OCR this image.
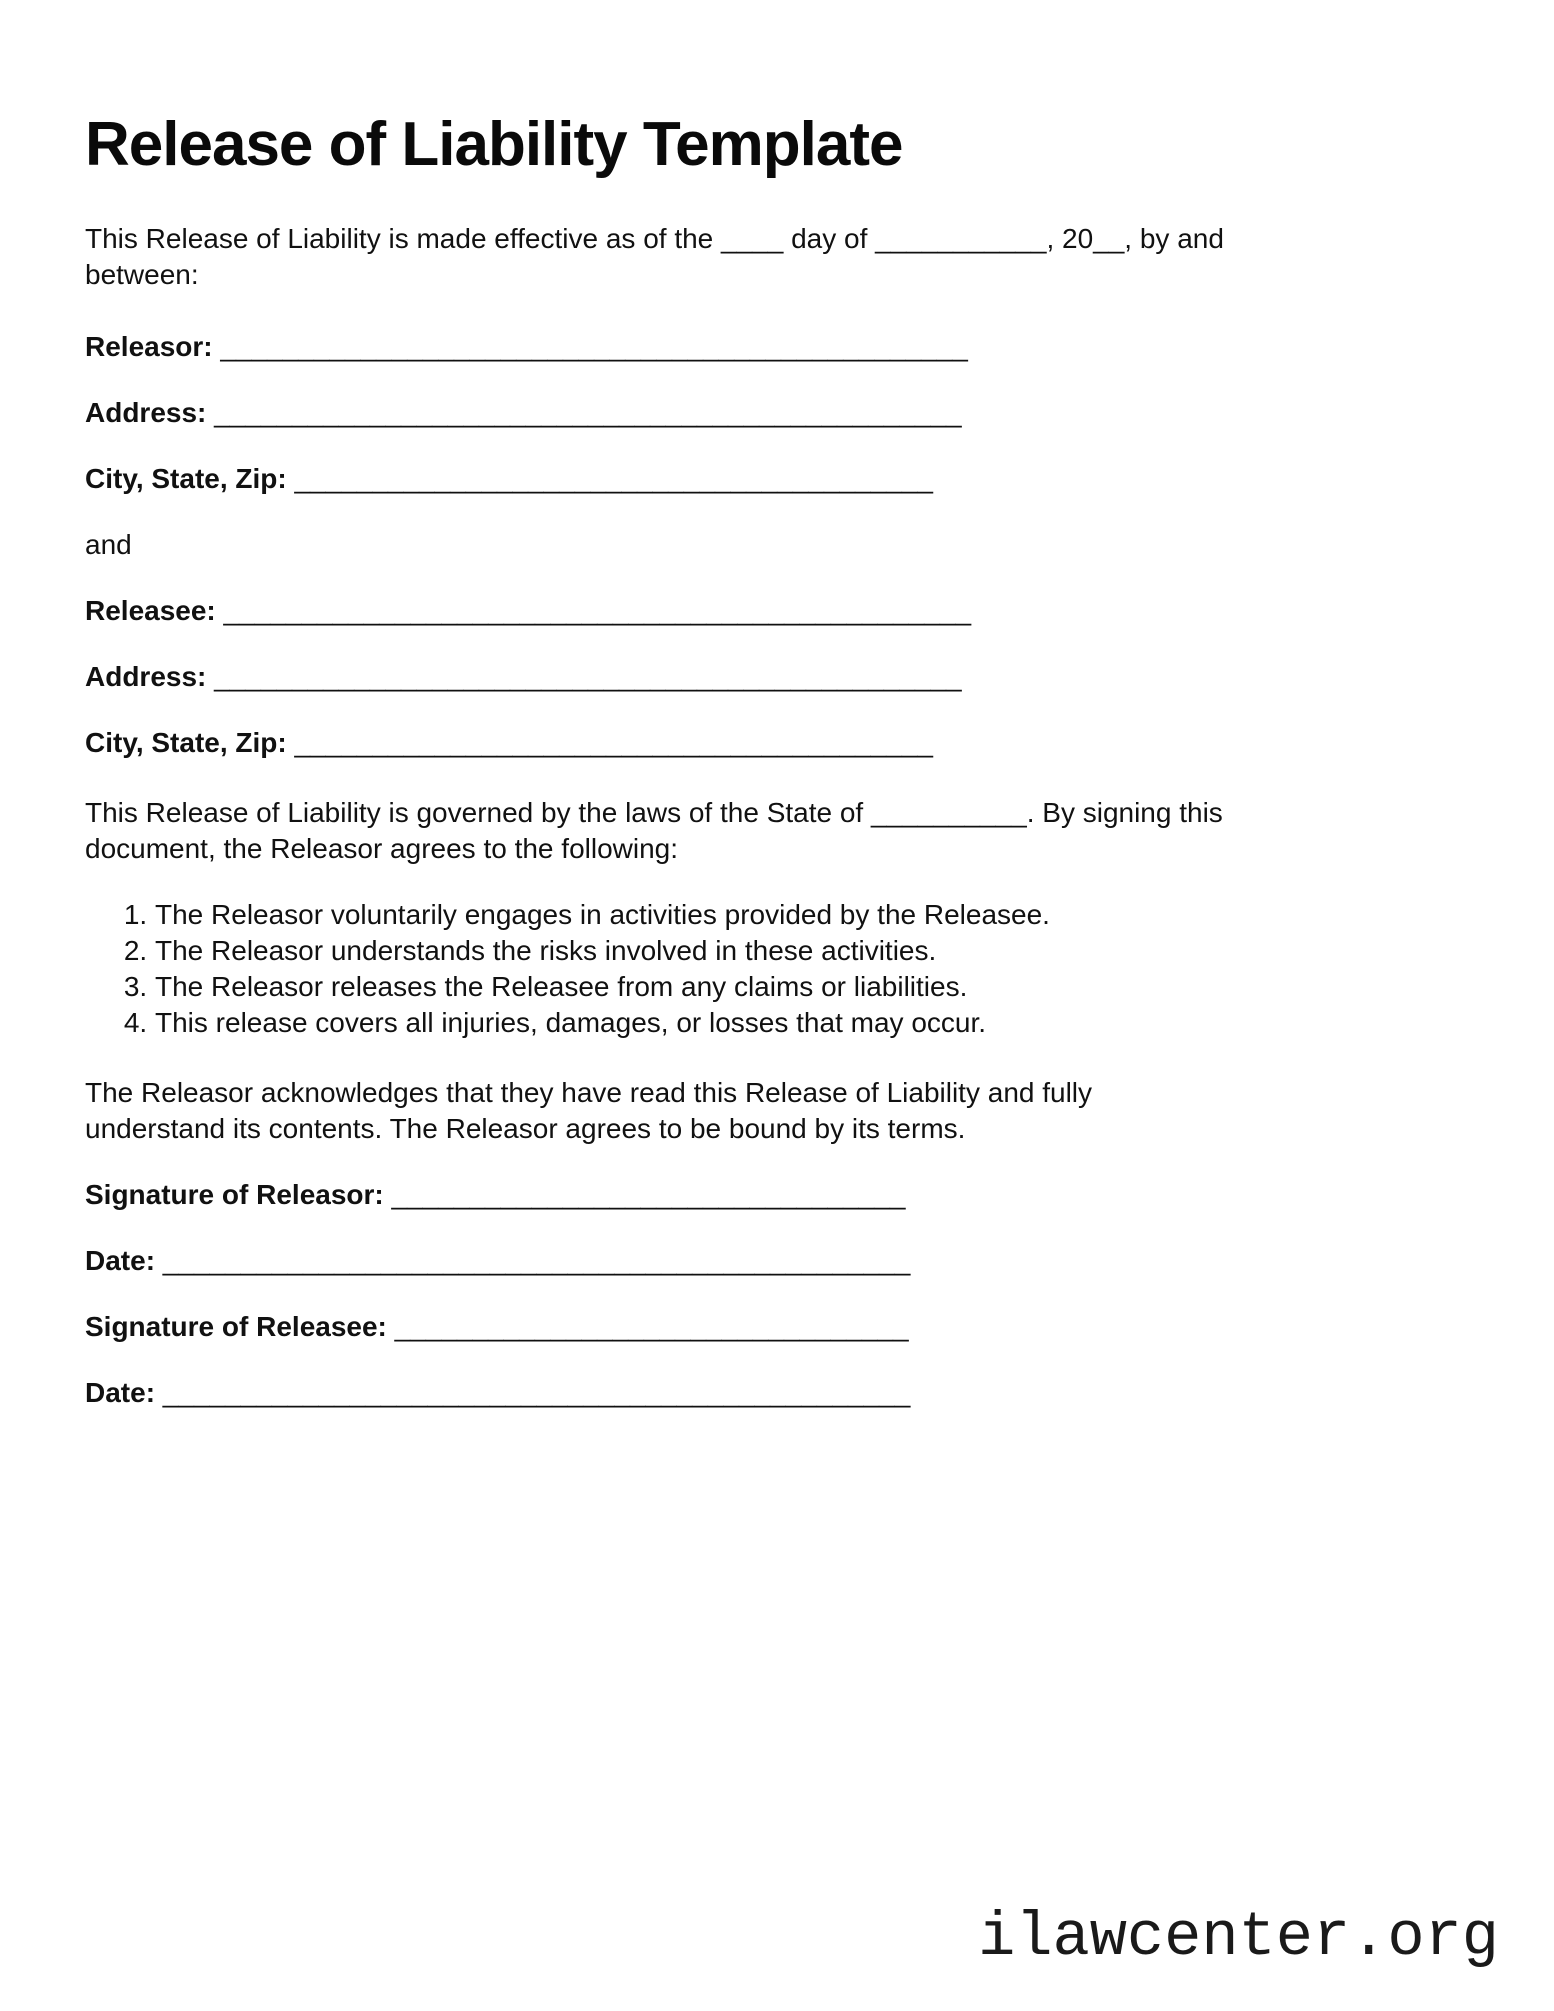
Release of Liability Template

This Release of Liability is made effective as of the ____ day of ___________, 20__, by and
between:

Releasor: ________________________________________________
Address: ________________________________________________
City, State, Zip: _________________________________________
and
Releasee: ________________________________________________
Address: ________________________________________________
City, State, Zip: _________________________________________

This Release of Liability is governed by the laws of the State of __________. By signing this
document, the Releasor agrees to the following:

1. The Releasor voluntarily engages in activities provided by the Releasee.
2. The Releasor understands the risks involved in these activities.
3. The Releasor releases the Releasee from any claims or liabilities.
4. This release covers all injuries, damages, or losses that may occur.

The Releasor acknowledges that they have read this Release of Liability and fully
understand its contents. The Releasor agrees to be bound by its terms.

Signature of Releasor: _________________________________
Date: ________________________________________________
Signature of Releasee: _________________________________
Date: ________________________________________________
ilawcenter.org
